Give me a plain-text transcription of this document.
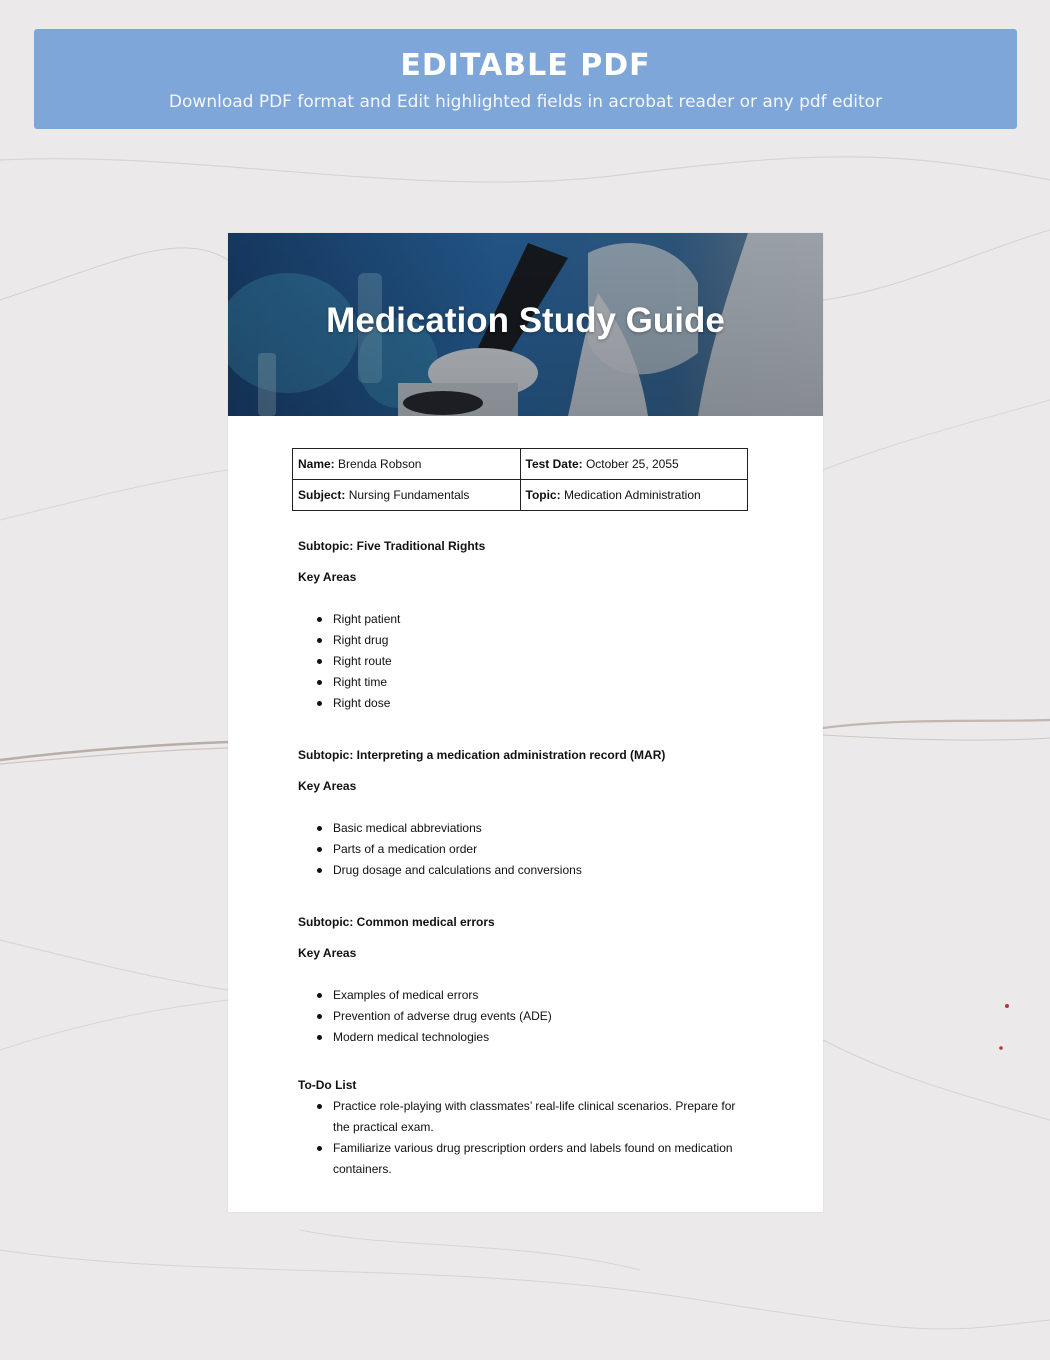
EDITABLE PDF
Download PDF format and Edit highlighted fields in acrobat reader or any pdf editor
Medication Study Guide
Name: Brenda Robson	Test Date: October 25, 2055
Subject: Nursing Fundamentals	Topic: Medication Administration
Subtopic: Five Traditional Rights
Key Areas
Right patient
Right drug
Right route
Right time
Right dose
Subtopic: Interpreting a medication administration record (MAR)
Key Areas
Basic medical abbreviations
Parts of a medication order
Drug dosage and calculations and conversions
Subtopic: Common medical errors
Key Areas
Examples of medical errors
Prevention of adverse drug events (ADE)
Modern medical technologies
To-Do List
Practice role-playing with classmates’ real-life clinical scenarios. Prepare for the practical exam.
Familiarize various drug prescription orders and labels found on medication containers.
